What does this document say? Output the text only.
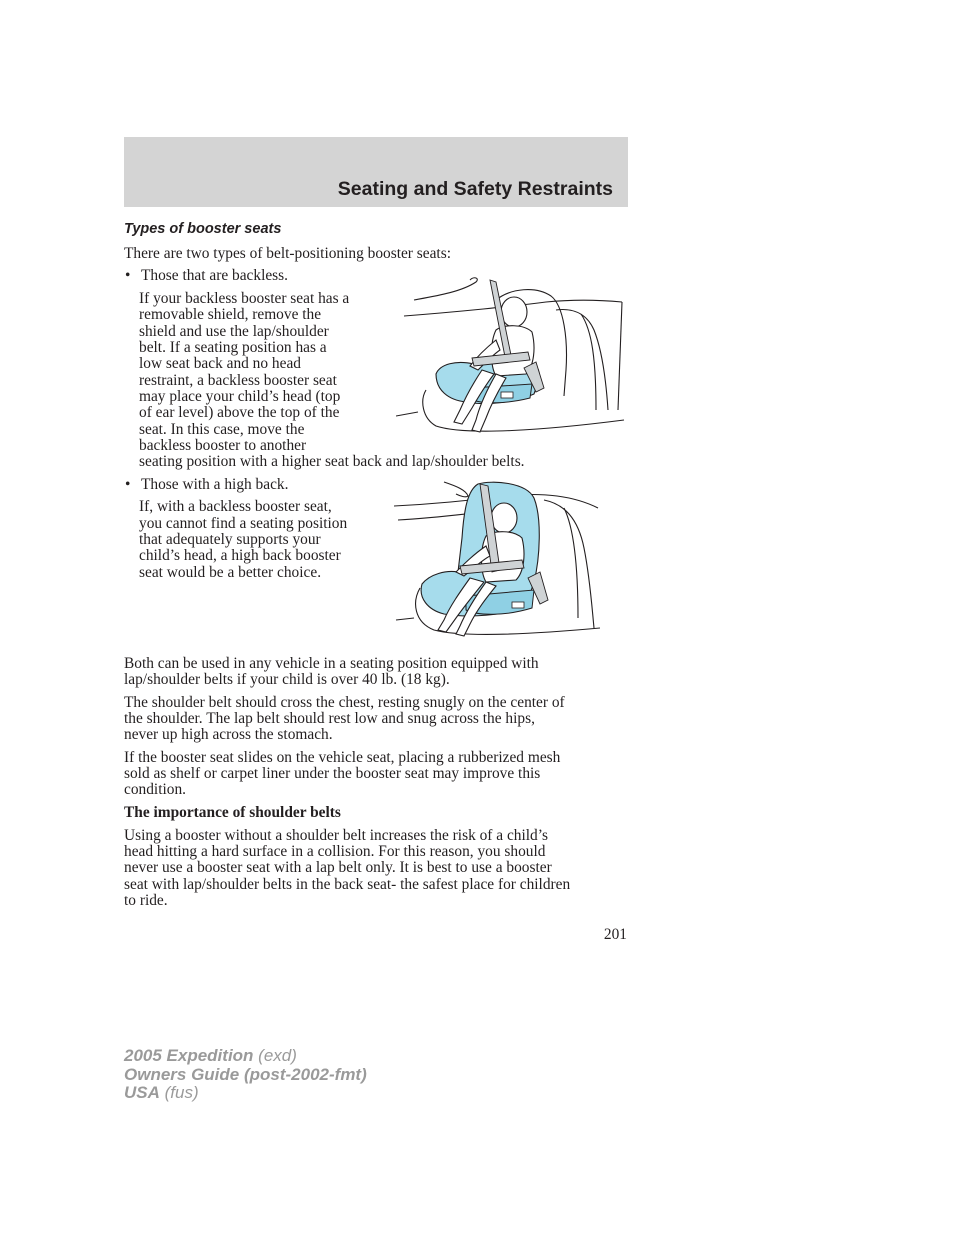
Seating and Safety Restraints
Types of booster seats

There are two types of belt-positioning booster seats:

• Those that are backless.

If your backless booster seat has a

removable shield, remove the

shield and use the lap/shoulder

belt. If a seating position has a

low seat back and no head

restraint, a backless booster seat

may place your child’s head (top

of ear level) above the top of the

seat. In this case, move the

backless booster to another

seating position with a higher seat back and lap/shoulder belts.

• Those with a high back.

If, with a backless booster seat,

you cannot find a seating position

that adequately supports your

child’s head, a high back booster

seat would be a better choice.

Both can be used in any vehicle in a seating position equipped with

lap/shoulder belts if your child is over 40 lb. (18 kg).

The shoulder belt should cross the chest, resting snugly on the center of

the shoulder. The lap belt should rest low and snug across the hips,

never up high across the stomach.

If the booster seat slides on the vehicle seat, placing a rubberized mesh

sold as shelf or carpet liner under the booster seat may improve this

condition.

The importance of shoulder belts

Using a booster without a shoulder belt increases the risk of a child’s

head hitting a hard surface in a collision. For this reason, you should

never use a booster seat with a lap belt only. It is best to use a booster

seat with lap/shoulder belts in the back seat- the safest place for children

to ride.

201
2005 Expedition (exd)
Owners Guide (post-2002-fmt)
USA (fus)
